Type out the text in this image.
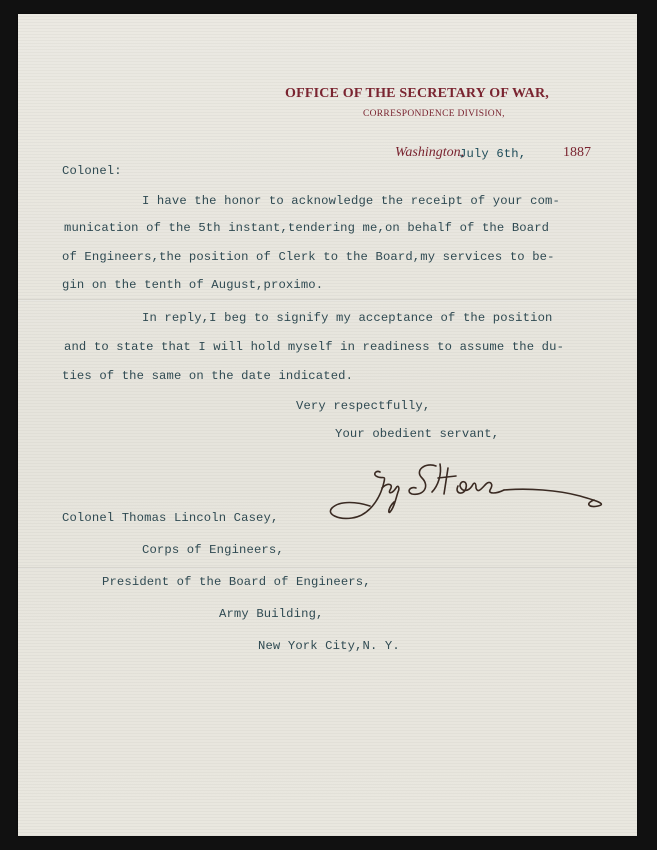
OFFICE OF THE SECRETARY OF WAR,
CORRESPONDENCE DIVISION,
Washington,
July 6th,	1887
Colonel:
I have the honor to acknowledge the receipt of your com-
munication of the 5th instant,tendering me,on behalf of the Board
of Engineers,the position of Clerk to the Board,my services to be-
gin on the tenth of August,proximo.
In reply,I beg to signify my acceptance of the position
and to state that I will hold myself in readiness to assume the du-
ties of the same on the date indicated.
Very respectfully,
Your obedient servant,
Colonel Thomas Lincoln Casey,
Corps of Engineers,
President of the Board of Engineers,
Army Building,
New York City,N. Y.
